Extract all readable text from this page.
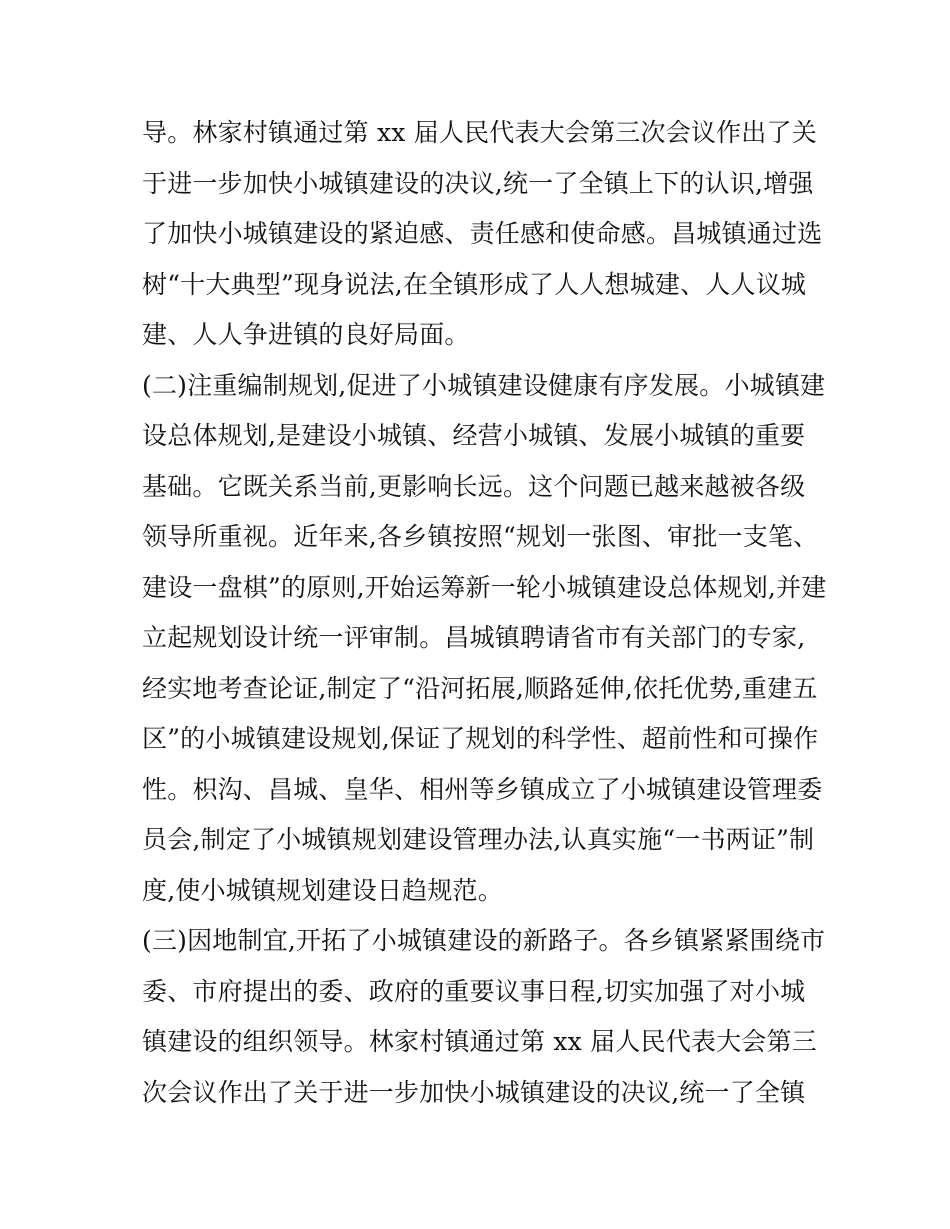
导。林家村镇通过第 xx 届人民代表大会第三次会议作出了关
于进一步加快小城镇建设的决议,统一了全镇上下的认识,增强
了加快小城镇建设的紧迫感、责任感和使命感。昌城镇通过选
树“十大典型”现身说法,在全镇形成了人人想城建、人人议城
建、人人争进镇的良好局面。
(二)注重编制规划,促进了小城镇建设健康有序发展。小城镇建
设总体规划,是建设小城镇、经营小城镇、发展小城镇的重要
基础。它既关系当前,更影响长远。这个问题已越来越被各级
领导所重视。近年来,各乡镇按照“规划一张图、审批一支笔、
建设一盘棋”的原则,开始运筹新一轮小城镇建设总体规划,并建
立起规划设计统一评审制。昌城镇聘请省市有关部门的专家,
经实地考查论证,制定了“沿河拓展,顺路延伸,依托优势,重建五
区”的小城镇建设规划,保证了规划的科学性、超前性和可操作
性。枳沟、昌城、皇华、相州等乡镇成立了小城镇建设管理委
员会,制定了小城镇规划建设管理办法,认真实施“一书两证”制
度,使小城镇规划建设日趋规范。
(三)因地制宜,开拓了小城镇建设的新路子。各乡镇紧紧围绕市
委、市府提出的委、政府的重要议事日程,切实加强了对小城
镇建设的组织领导。林家村镇通过第 xx 届人民代表大会第三
次会议作出了关于进一步加快小城镇建设的决议,统一了全镇
